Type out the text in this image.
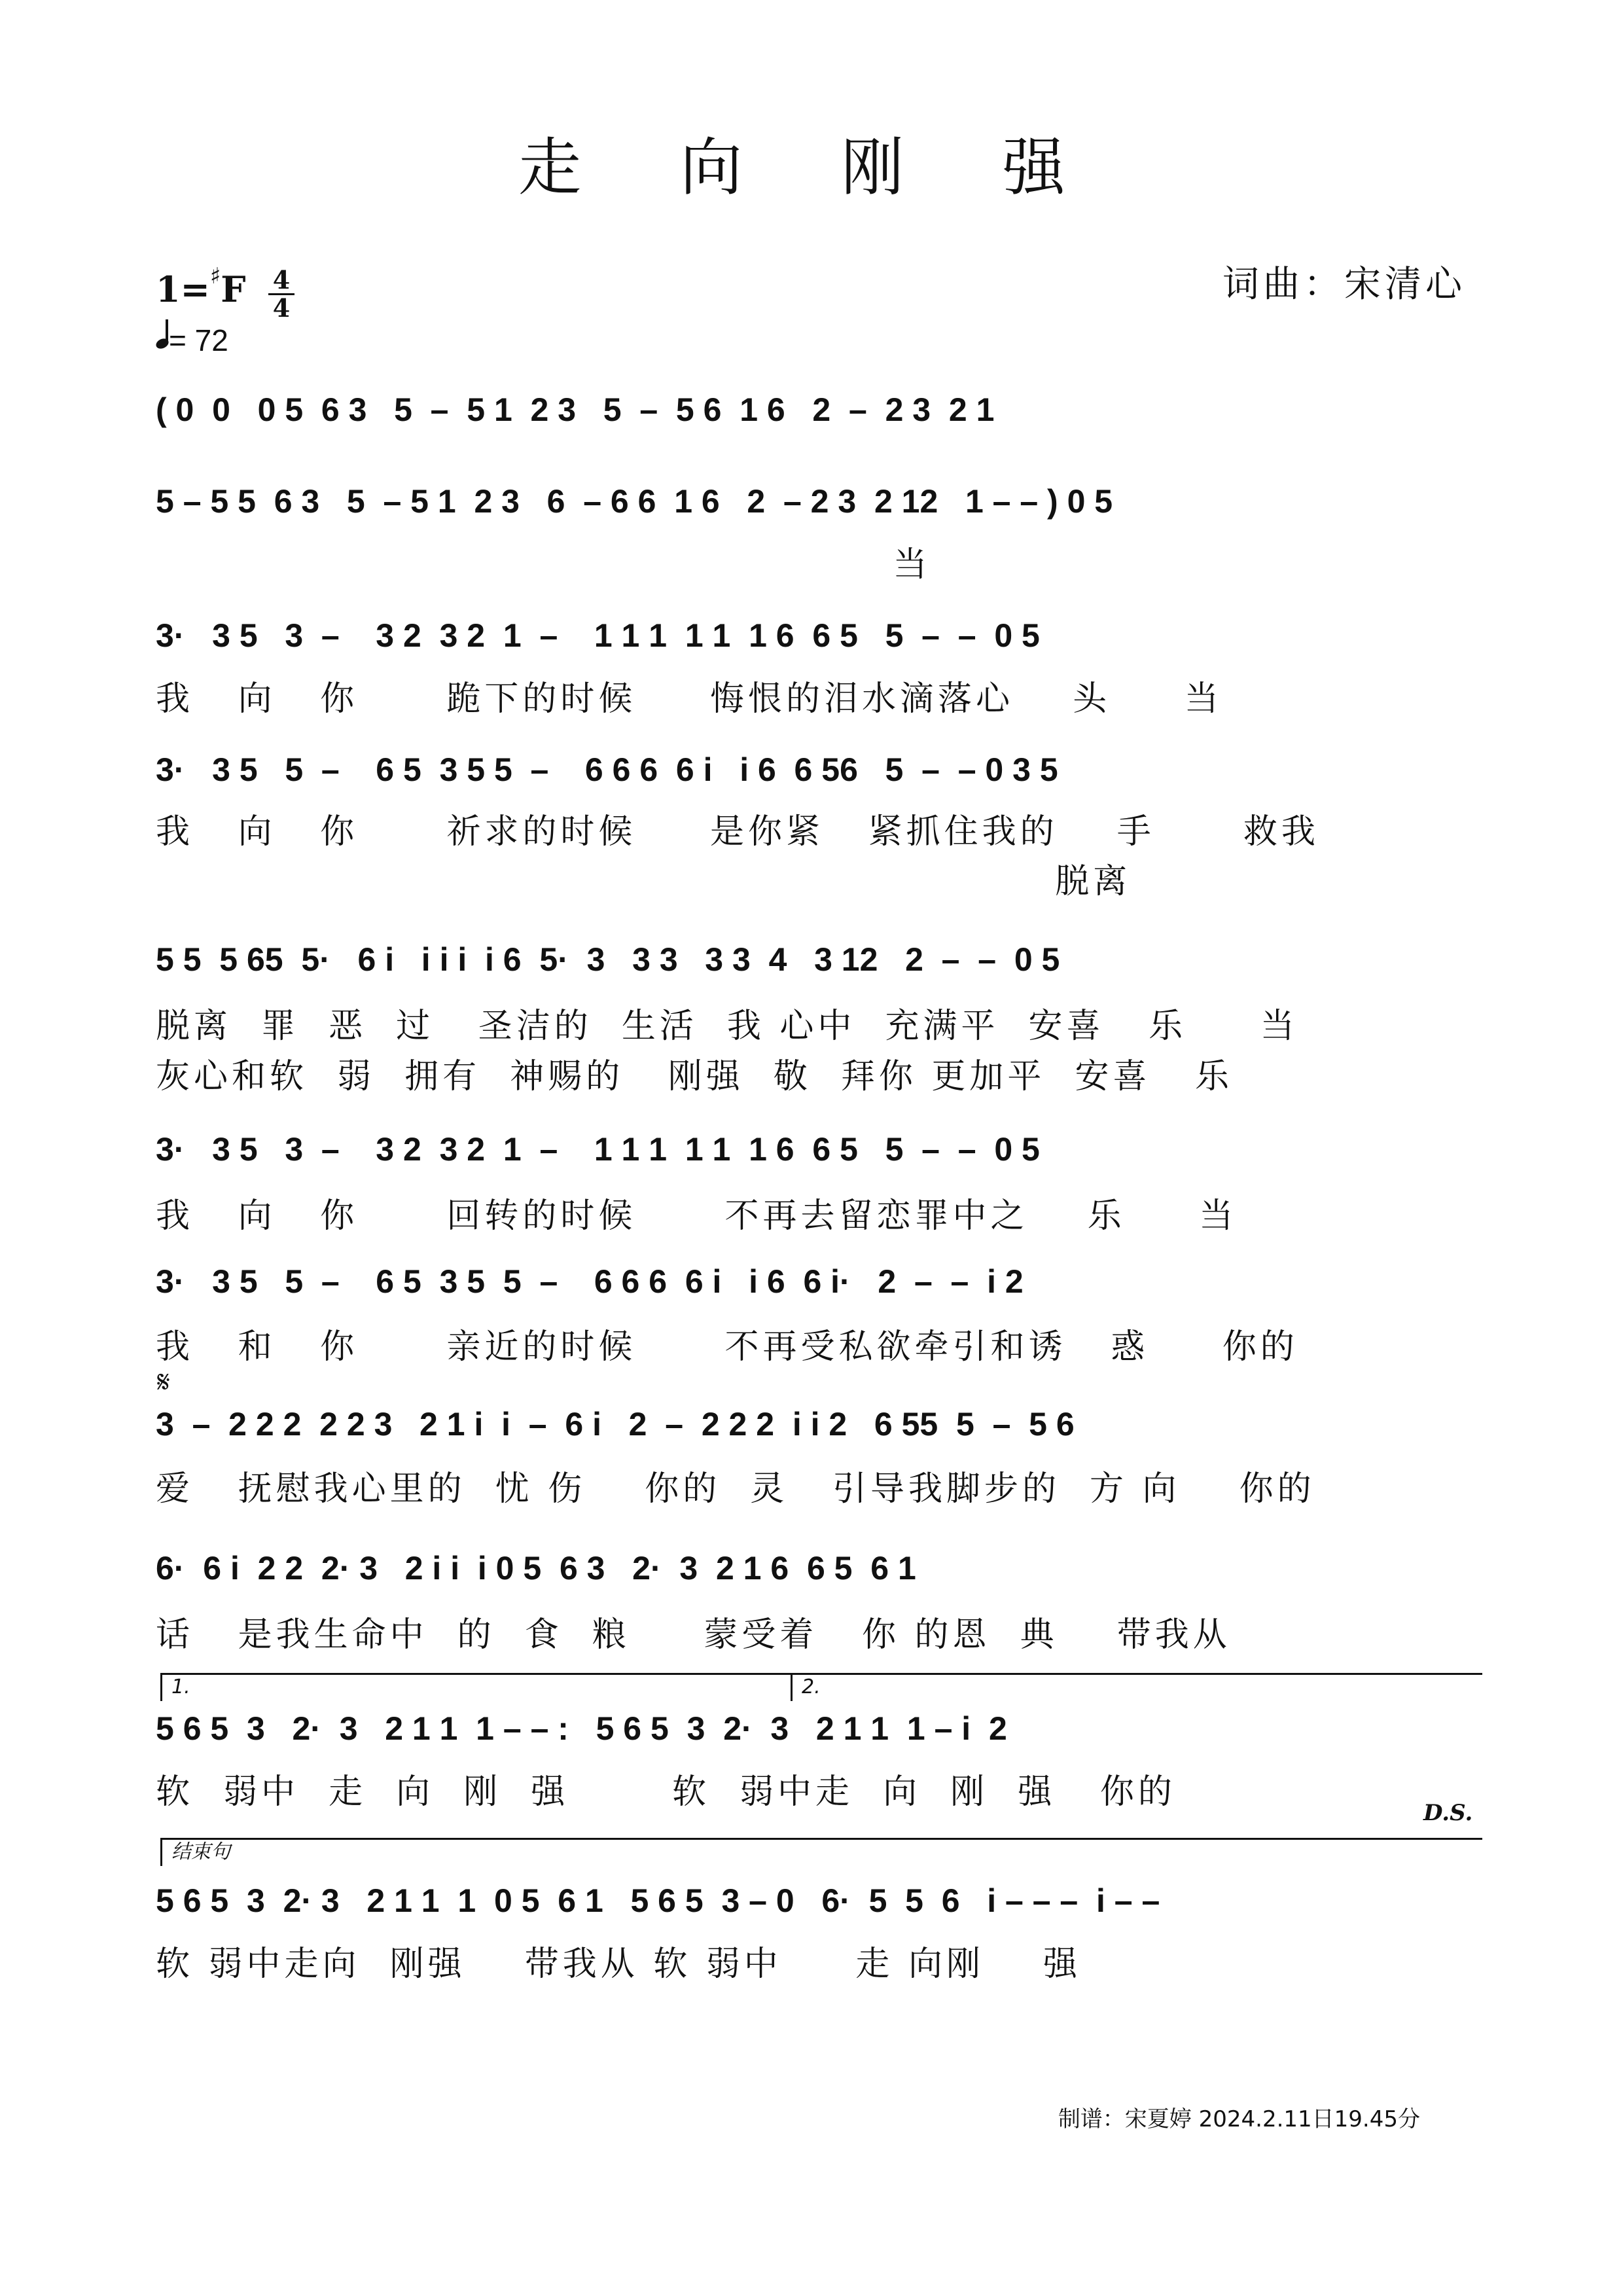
走 向 刚 强
$1=^♯F \frac{4}{4}$
= 72
词曲：宋清心
( 0  0   0 5  6 3   5  –  5 1  2 3   5  –  5 6  1 6   2  –  2 3  2 1
5 – 5 5  6 3   5  – 5 1  2 3   6  – 6 6  1 6   2  – 2 3  2 12   1 – – ) 0 5
当
3·   3 5   3  –    3 2  3 2  1  –    1 1 1  1 1  1 6  6 5   5  –  –  0 5
我   向   你      跪下的时候     悔恨的泪水滴落心    头     当
3·   3 5   5  –    6 5  3 5 5  –    6 6 6  6 i   i 6  6 56   5  –  – 0 3 5
我   向   你      祈求的时候     是你紧   紧抓住我的    手      救我
脱离
5 5  5 65  5·   6 i   i i i  i 6  5·  3   3 3   3 3  4   3 12   2  –  –  0 5
脱离  罪  恶  过   圣洁的  生活  我 心中  充满平  安喜   乐     当
灰心和软  弱  拥有  神赐的   刚强  敬  拜你 更加平  安喜   乐
3·   3 5   3  –    3 2  3 2  1  –    1 1 1  1 1  1 6  6 5   5  –  –  0 5
我   向   你      回转的时候      不再去留恋罪中之    乐     当
3·   3 5   5  –    6 5  3 5  5  –    6 6 6  6 i   i 6  6 i·   2  –  –  i 2
我   和   你      亲近的时候      不再受私欲牵引和诱   惑     你的
𝄋
3  –  2 2 2  2 2 3   2 1 i  i  –  6 i   2  –  2 2 2  i i 2   6 55  5  –  5 6
爱   抚慰我心里的  忧 伤    你的  灵   引导我脚步的  方 向    你的
6·  6 i  2 2  2· 3   2 i i  i 0 5  6 3   2·  3  2 1 6  6 5  6 1
话   是我生命中  的  食  粮     蒙受着   你 的恩  典    带我从
1.	2.
5 6 5  3   2·  3   2 1 1  1 – – :   5 6 5  3  2·  3   2 1 1  1 – i  2
软  弱中  走  向  刚  强       软  弱中走  向  刚  强   你的
D.S.
结束句
5 6 5  3  2· 3   2 1 1  1  0 5  6 1   5 6 5  3 – 0   6·  5  5  6   i – – –  i – –
软 弱中走向  刚强    带我从 软 弱中     走 向刚    强
制谱：宋夏婷 2024.2.11日19.45分
